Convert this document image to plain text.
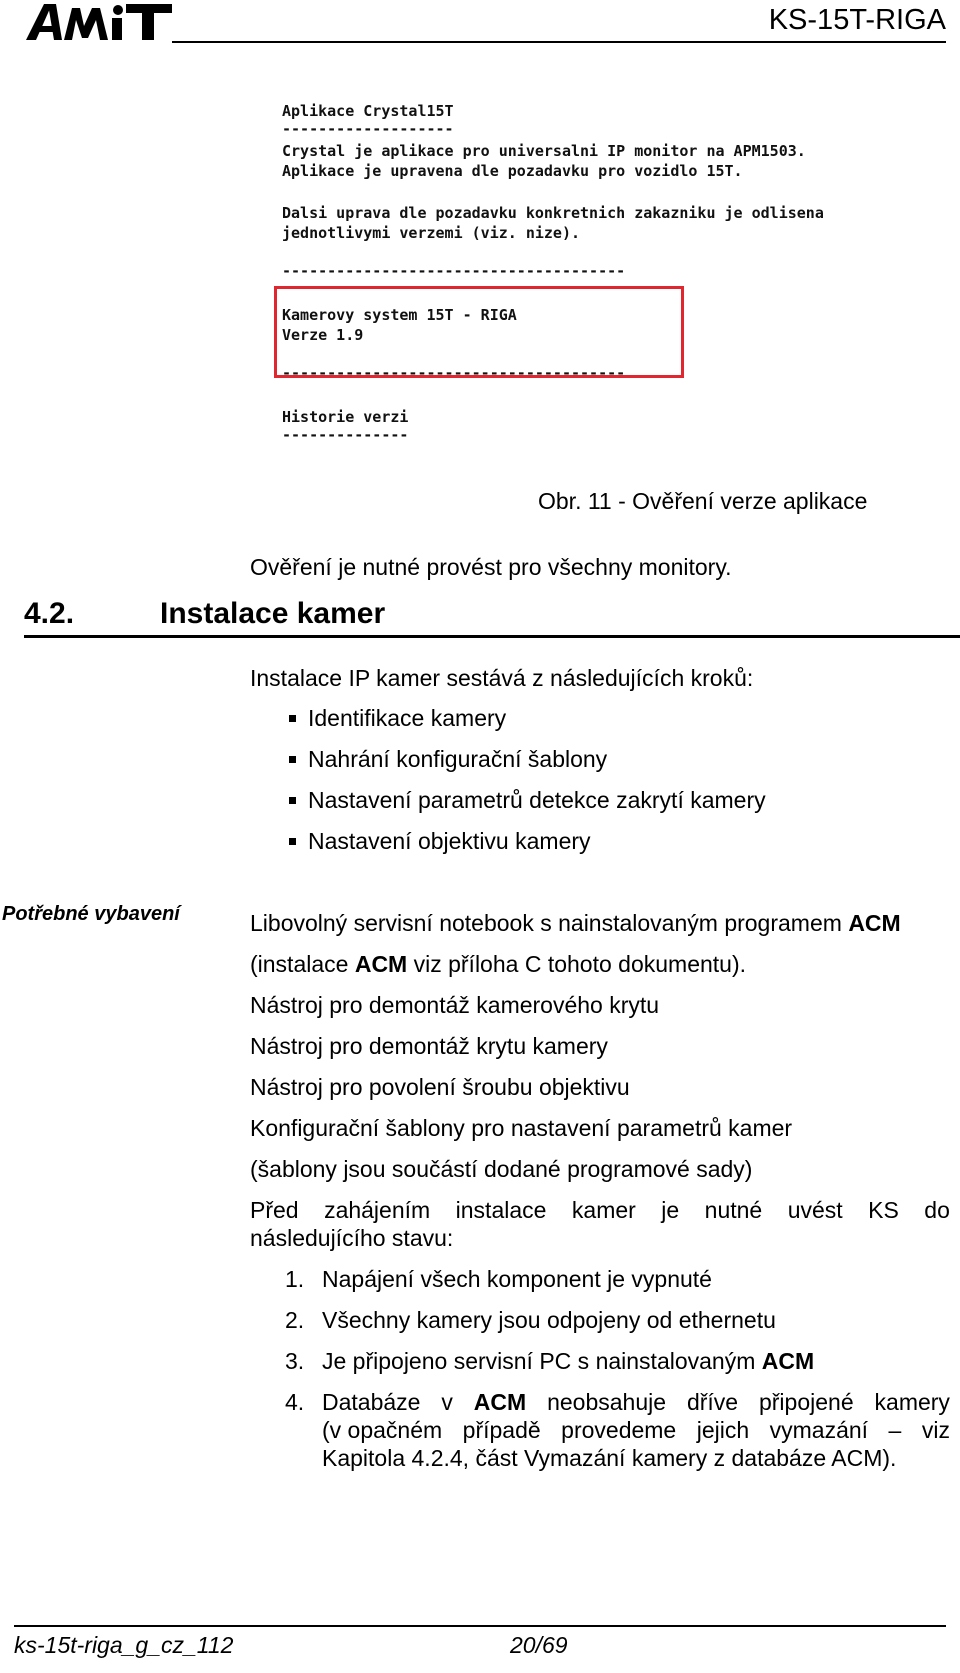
KS-15T-RIGA
Aplikace Crystal15T
-------------------
Crystal je aplikace pro universalni IP monitor na APM1503.
Aplikace je upravena dle pozadavku pro vozidlo 15T.
Dalsi uprava dle pozadavku konkretnich zakazniku je odlisena
jednotlivymi verzemi (viz. nize).
--------------------------------------
Kamerovy system 15T - RIGA
Verze 1.9
--------------------------------------
Historie verzi
--------------
Obr. 11 - Ověření verze aplikace
Ověření je nutné provést pro všechny monitory.
4.2.	Instalace kamer
Instalace IP kamer sestává z následujících kroků:
Identifikace kamery
Nahrání konfigurační šablony
Nastavení parametrů detekce zakrytí kamery
Nastavení objektivu kamery
Potřebné vybavení	Libovolný servisní notebook s nainstalovaným programem ACM
(instalace ACM viz příloha C tohoto dokumentu).
Nástroj pro demontáž kamerového krytu
Nástroj pro demontáž krytu kamery
Nástroj pro povolení šroubu objektivu
Konfigurační šablony pro nastavení parametrů kamer
(šablony jsou součástí dodané programové sady)
Před zahájením instalace kamer je nutné uvést KS do
následujícího stavu:
1. Napájení všech komponent je vypnuté
2. Všechny kamery jsou odpojeny od ethernetu
3. Je připojeno servisní PC s nainstalovaným ACM
4. Databáze v ACM neobsahuje dříve připojené kamery
(v opačném případě provedeme jejich vymazání – viz
Kapitola 4.2.4, část Vymazání kamery z databáze ACM).
ks-15t-riga_g_cz_112	20/69
